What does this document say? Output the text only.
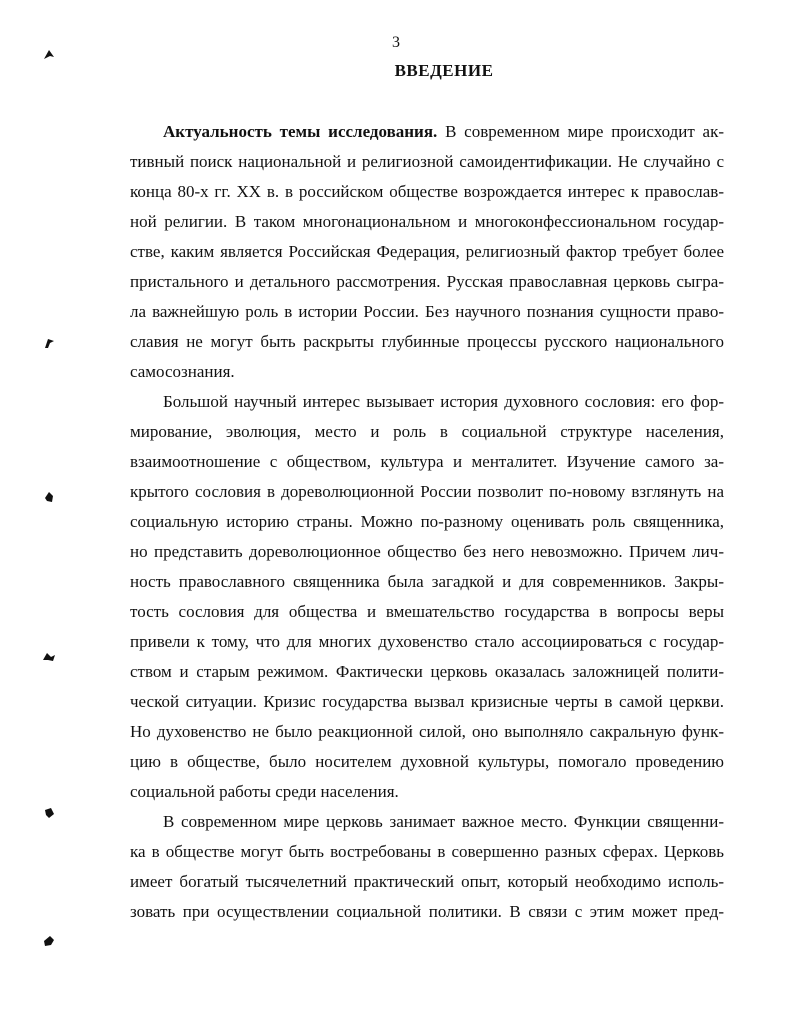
3
ВВЕДЕНИЕ
Актуальность темы исследования. В современном мире происходит ак-
тивный поиск национальной и религиозной самоидентификации. Не случайно с
конца 80-х гг. XX в. в российском обществе возрождается интерес к православ-
ной религии. В таком многонациональном и многоконфессиональном государ-
стве, каким является Российская Федерация, религиозный фактор требует более
пристального и детального рассмотрения. Русская православная церковь сыгра-
ла важнейшую роль в истории России. Без научного познания сущности право-
славия не могут быть раскрыты глубинные процессы русского национального
самосознания.
Большой научный интерес вызывает история духовного сословия: его фор-
мирование, эволюция, место и роль в социальной структуре населения,
взаимоотношение с обществом, культура и менталитет. Изучение самого за-
крытого сословия в дореволюционной России позволит по-новому взглянуть на
социальную историю страны. Можно по-разному оценивать роль священника,
но представить дореволюционное общество без него невозможно. Причем лич-
ность православного священника была загадкой и для современников. Закры-
тость сословия для общества и вмешательство государства в вопросы веры
привели к тому, что для многих духовенство стало ассоциироваться с государ-
ством и старым режимом. Фактически церковь оказалась заложницей полити-
ческой ситуации. Кризис государства вызвал кризисные черты в самой церкви.
Но духовенство не было реакционной силой, оно выполняло сакральную функ-
цию в обществе, было носителем духовной культуры, помогало проведению
социальной работы среди населения.
В современном мире церковь занимает важное место. Функции священни-
ка в обществе могут быть востребованы в совершенно разных сферах. Церковь
имеет богатый тысячелетний практический опыт, который необходимо исполь-
зовать при осуществлении социальной политики. В связи с этим может пред-
